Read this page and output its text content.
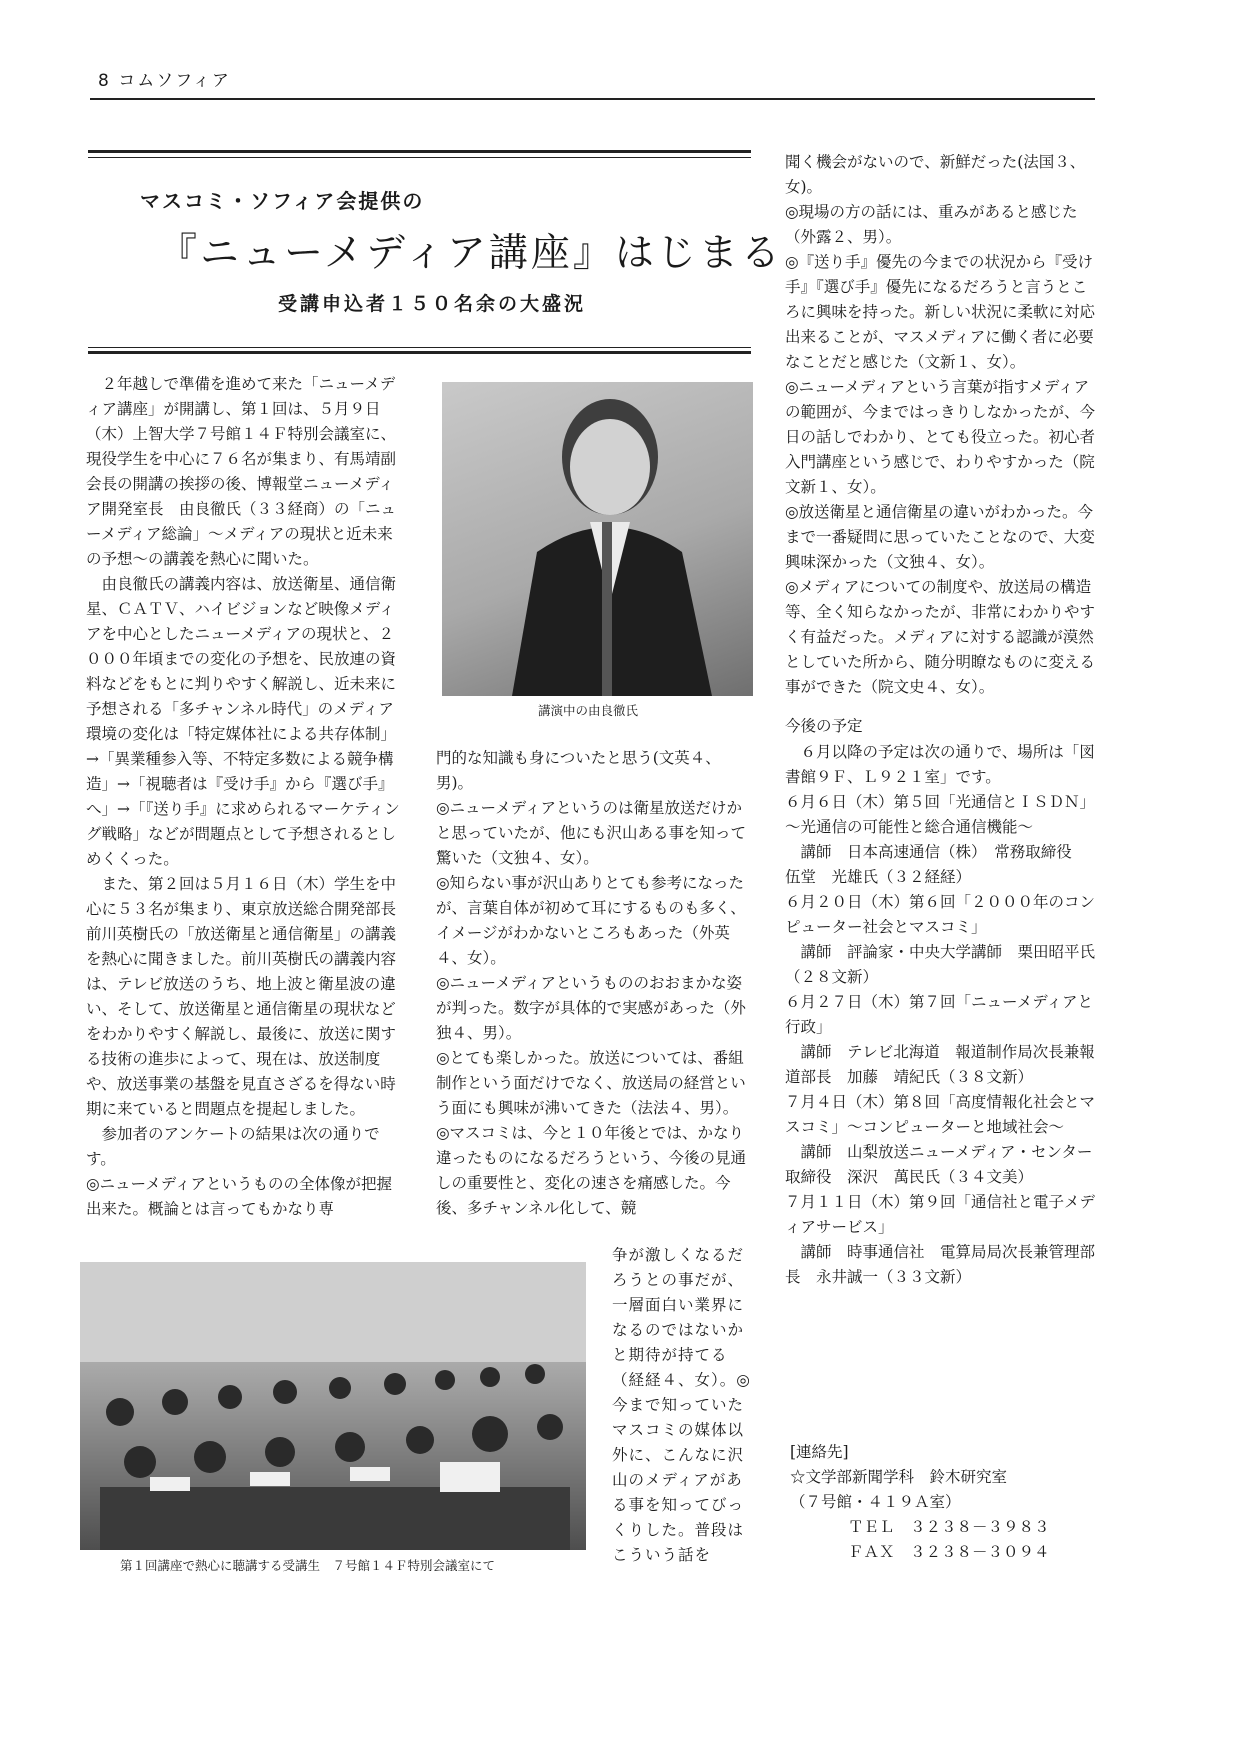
8 コムソフィア
マスコミ・ソフィア会提供の
『ニューメディア講座』はじまる
受講申込者１５０名余の大盛況

２年越しで準備を進めて来た「ニューメディア講座」が開講し、第１回は、５月９日（木）上智大学７号館１４Ｆ特別会議室に、現役学生を中心に７６名が集まり、有馬靖副会長の開講の挨拶の後、博報堂ニューメディア開発室長　由良徹氏（３３経商）の「ニューメディア総論」～メディアの現状と近未来の予想～の講義を熱心に聞いた。

由良徹氏の講義内容は、放送衛星、通信衛星、ＣＡＴＶ、ハイビジョンなど映像メディアを中心としたニューメディアの現状と、２０００年頃までの変化の予想を、民放連の資料などをもとに判りやすく解説し、近未来に予想される「多チャンネル時代」のメディア環境の変化は「特定媒体社による共存体制」→「異業種参入等、不特定多数による競争構造」→「視聴者は『受け手』から『選び手』へ」→「『送り手』に求められるマーケティング戦略」などが問題点として予想されるとしめくくった。

また、第２回は５月１６日（木）学生を中心に５３名が集まり、東京放送総合開発部長　前川英樹氏の「放送衛星と通信衛星」の講義を熱心に聞きました。前川英樹氏の講義内容は、テレビ放送のうち、地上波と衛星波の違い、そして、放送衛星と通信衛星の現状などをわかりやすく解説し、最後に、放送に関する技術の進歩によって、現在は、放送制度や、放送事業の基盤を見直さざるを得ない時期に来ていると問題点を提起しました。

参加者のアンケートの結果は次の通りです。

◎ニューメディアというものの全体像が把握出来た。概論とは言ってもかなり専

講演中の由良徹氏

門的な知識も身についたと思う(文英４、男)。

◎ニューメディアというのは衛星放送だけかと思っていたが、他にも沢山ある事を知って驚いた（文独４、女）。

◎知らない事が沢山ありとても参考になったが、言葉自体が初めて耳にするものも多く、イメージがわかないところもあった（外英４、女）。

◎ニューメディアというもののおおまかな姿が判った。数字が具体的で実感があった（外独４、男）。

◎とても楽しかった。放送については、番組制作という面だけでなく、放送局の経営という面にも興味が沸いてきた（法法４、男）。

◎マスコミは、今と１０年後とでは、かなり違ったものになるだろうという、今後の見通しの重要性と、変化の速さを痛感した。今後、多チャンネル化して、競

第１回講座で熱心に聴講する受講生　７号館１４Ｆ特別会議室にて

争が激しくなるだろうとの事だが、一層面白い業界になるのではないかと期待が持てる（経経４、女）。◎今まで知っていたマスコミの媒体以外に、こんなに沢山のメディアがある事を知ってびっくりした。普段はこういう話を

聞く機会がないので、新鮮だった(法国３、女)。

◎現場の方の話には、重みがあると感じた（外露２、男）。

◎『送り手』優先の今までの状況から『受け手』『選び手』優先になるだろうと言うところに興味を持った。新しい状況に柔軟に対応出来ることが、マスメディアに働く者に必要なことだと感じた（文新１、女）。

◎ニューメディアという言葉が指すメディアの範囲が、今まではっきりしなかったが、今日の話しでわかり、とても役立った。初心者入門講座という感じで、わりやすかった（院文新１、女）。

◎放送衛星と通信衛星の違いがわかった。今まで一番疑問に思っていたことなので、大変興味深かった（文独４、女）。

◎メディアについての制度や、放送局の構造等、全く知らなかったが、非常にわかりやすく有益だった。メディアに対する認識が漠然としていた所から、随分明瞭なものに変える事ができた（院文史４、女）。

今後の予定

６月以降の予定は次の通りで、場所は「図書館９Ｆ、Ｌ９２１室」です。

６月６日（木）第５回「光通信とＩＳＤＮ」～光通信の可能性と総合通信機能～

講師　日本高速通信（株）　常務取締役　伍堂　光雄氏（３２経経）

６月２０日（木）第６回「２０００年のコンピューター社会とマスコミ」

講師　評論家・中央大学講師　栗田昭平氏（２８文新）

６月２７日（木）第７回「ニューメディアと行政」

講師　テレビ北海道　報道制作局次長兼報道部長　加藤　靖紀氏（３８文新）

７月４日（木）第８回「高度情報化社会とマスコミ」～コンピューターと地域社会～

講師　山梨放送ニューメディア・センター取締役　深沢　萬民氏（３４文美）

７月１１日（木）第９回「通信社と電子メディアサービス」

講師　時事通信社　電算局局次長兼管理部長　永井誠一（３３文新）

[連絡先]

☆文学部新聞学科　鈴木研究室

（７号館・４１９Ａ室）

ＴＥＬ　３２３８－３９８３

ＦＡＸ　３２３８－３０９４
